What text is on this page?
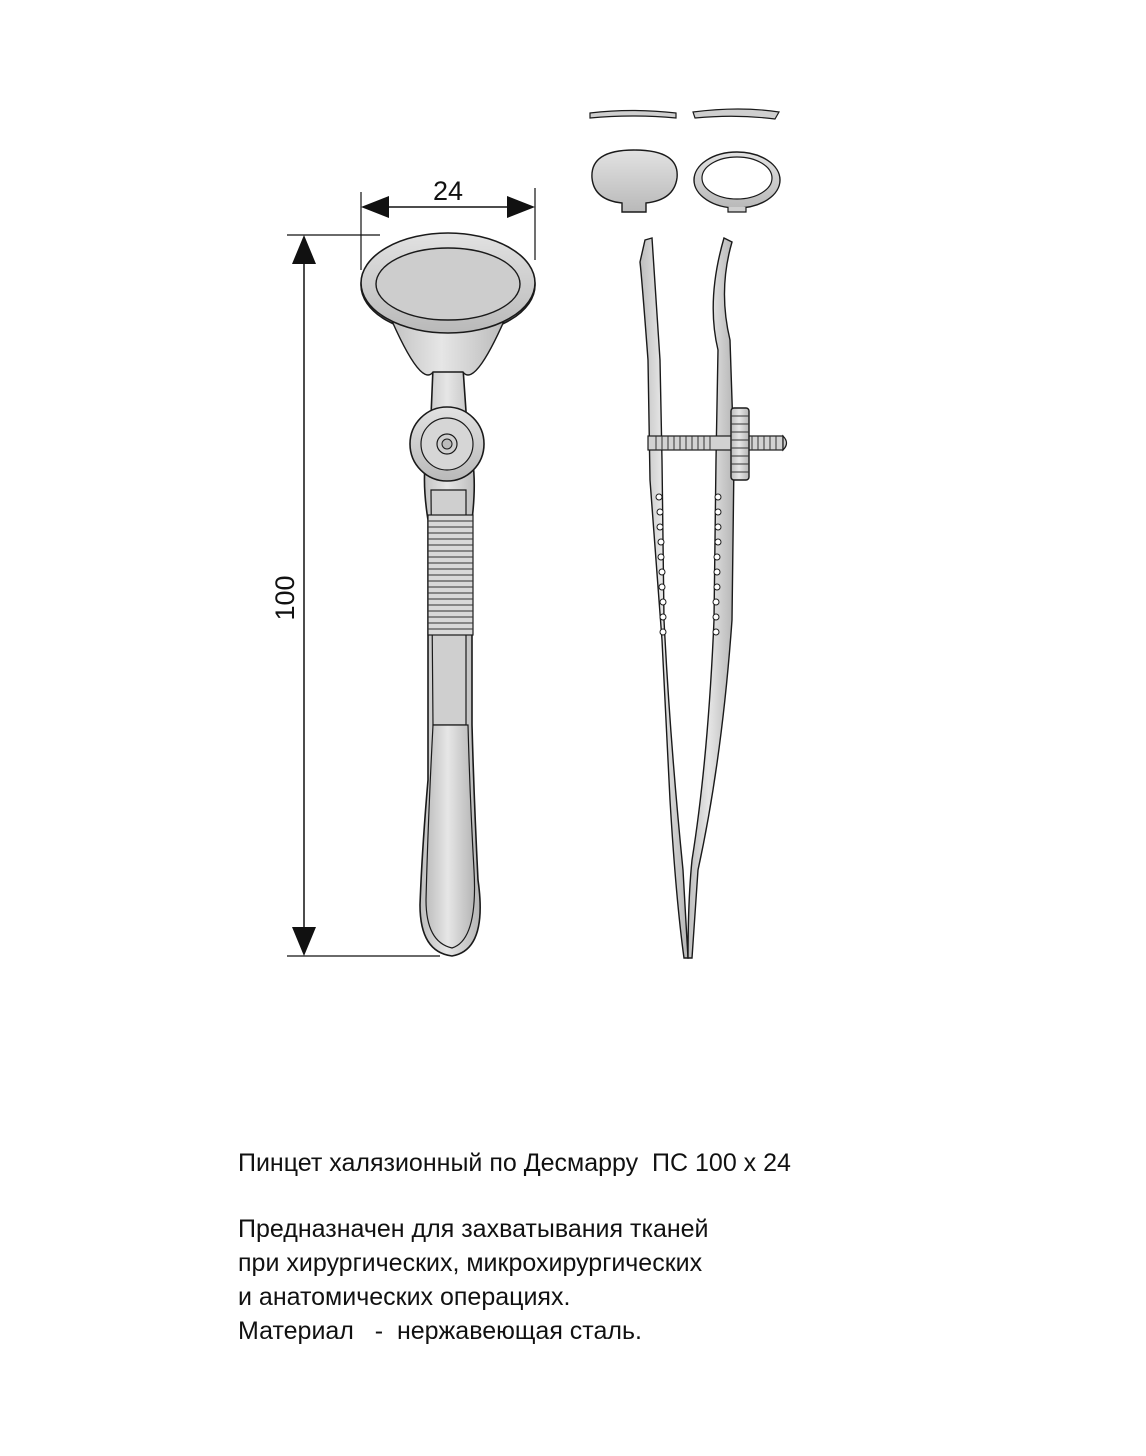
24
100
Пинцет халязионный по Десмарру  ПС 100 х 24
Предназначен для захватывания тканей
при хирургических, микрохирургических
и анатомических операциях.
Материал   -  нержавеющая сталь.
